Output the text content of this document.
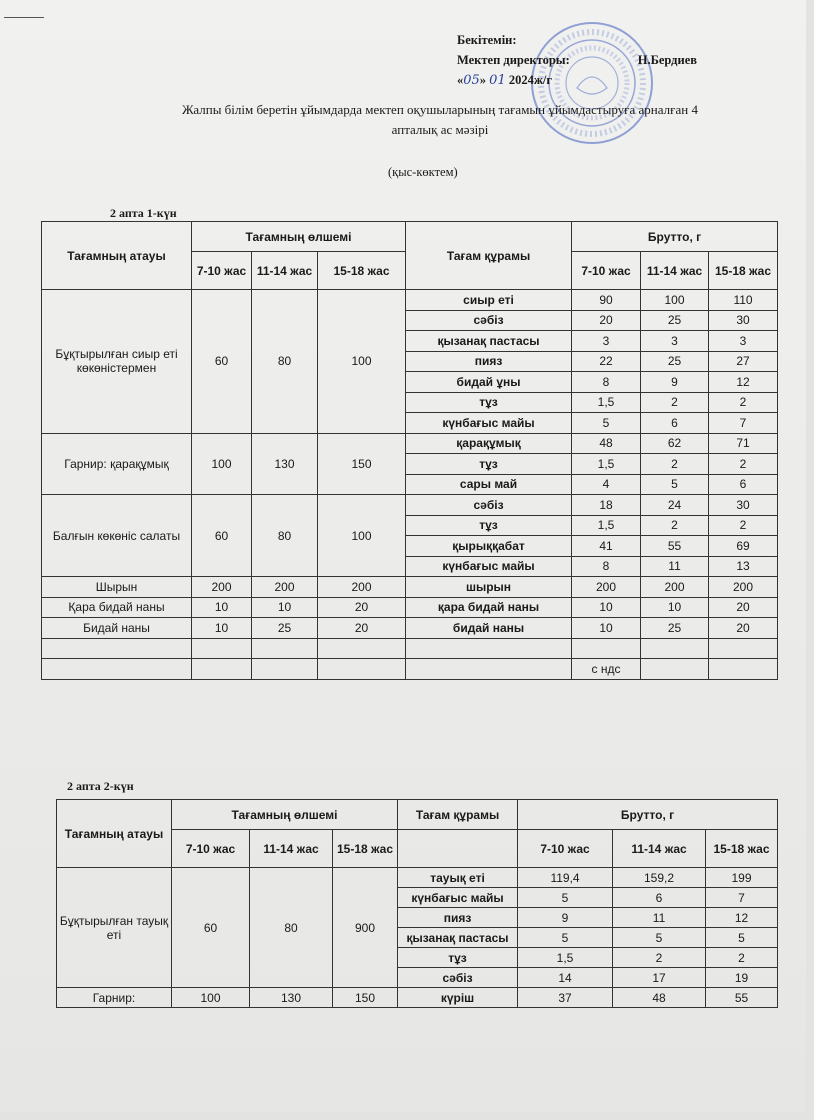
Бекітемін:
Мектеп директоры:	Н.Бердиев
«05» 01 2024ж/г
Жалпы білім беретін ұйымдарда мектеп оқушыларының тағамын ұйымдастыруға арналған 4
апталық ас мәзірі
(қыс-көктем)
2 апта 1-күн
Тағамның атауы	Тағамның өлшемі			Тағам құрамы	Брутто, г		
	7-10 жас	11-14 жас	15-18 жас		7-10 жас	11-14 жас	15-18 жас
Бұқтырылған сиыр еті көкөністермен	60	80	100	сиыр еті	90	100	110
				сәбіз	20	25	30
				қызанақ пастасы	3	3	3
				пияз	22	25	27
				бидай ұны	8	9	12
				тұз	1,5	2	2
				күнбағыс майы	5	6	7
Гарнир: қарақұмық	100	130	150	қарақұмық	48	62	71
				тұз	1,5	2	2
				сары май	4	5	6
Балғын көкөніс салаты	60	80	100	сәбіз	18	24	30
				тұз	1,5	2	2
				қырыққабат	41	55	69
				күнбағыс майы	8	11	13
Шырын	200	200	200	шырын	200	200	200
Қара бидай наны	10	10	20	қара бидай наны	10	10	20
Бидай наны	10	25	20	бидай наны	10	25	20

					с ндс		
2 апта 2-күн
Тағамның атауы	Тағамның өлшемі			Тағам құрамы	Брутто, г		
	7-10 жас	11-14 жас	15-18 жас		7-10 жас	11-14 жас	15-18 жас
Бұқтырылған тауық еті	60	80	900	тауық еті	119,4	159,2	199
				күнбағыс майы	5	6	7
				пияз	9	11	12
				қызанақ пастасы	5	5	5
				тұз	1,5	2	2
				сәбіз	14	17	19
Гарнир:	100	130	150	күріш	37	48	55
